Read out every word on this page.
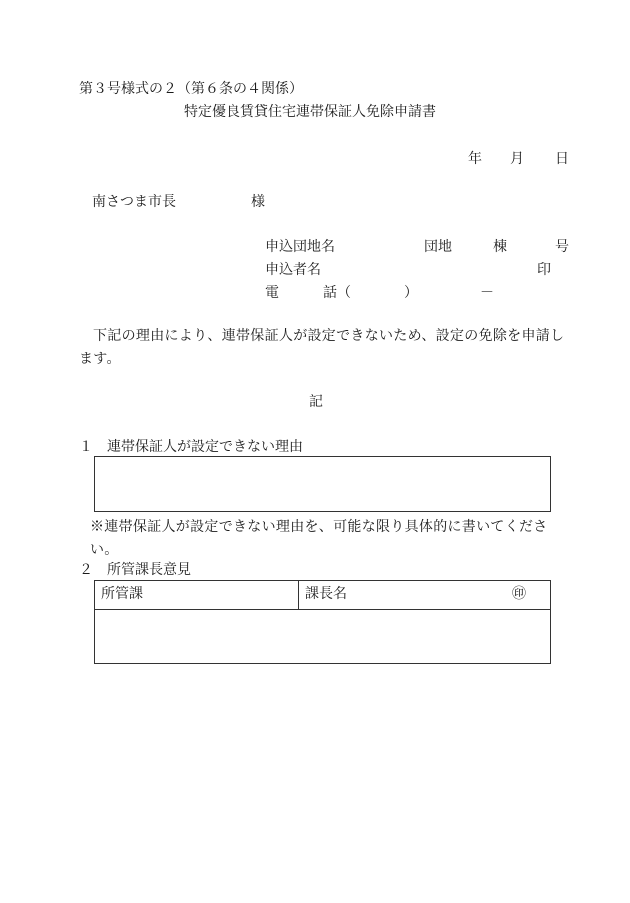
第３号様式の２（第６条の４関係）
特定優良賃貸住宅連帯保証人免除申請書
年 月 日
南さつま市長	様
申込団地名	団地	棟	号
申込者名	印
電	話（	）	－
下記の理由により、連帯保証人が設定できないため、設定の免除を申請します。
記
１　連帯保証人が設定できない理由
※連帯保証人が設定できない理由を、可能な限り具体的に書いてください。
２　所管課長意見
所管課	課長名	㊞
